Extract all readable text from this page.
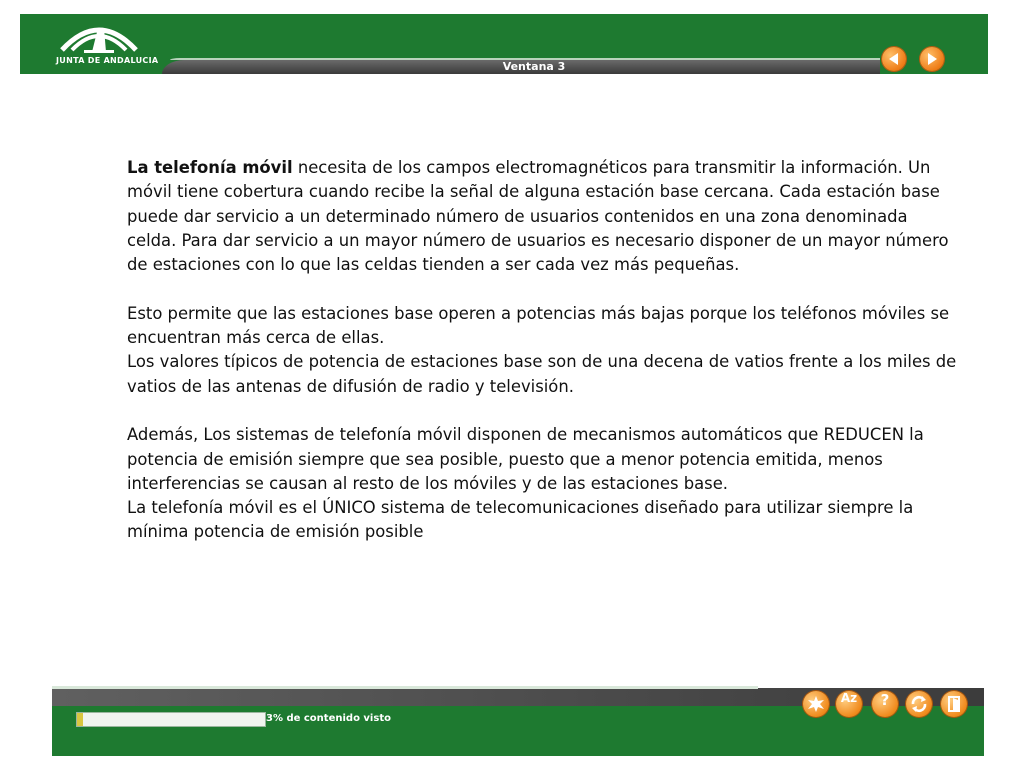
JUNTA DE ANDALUCIA	Ventana 3

La telefonía móvil necesita de los campos electromagnéticos para transmitir la información. Un móvil tiene cobertura cuando recibe la señal de alguna estación base cercana. Cada estación base puede dar servicio a un determinado número de usuarios contenidos en una zona denominada celda. Para dar servicio a un mayor número de usuarios es necesario disponer de un mayor número de estaciones con lo que las celdas tienden a ser cada vez más pequeñas.

Esto permite que las estaciones base operen a potencias más bajas porque los teléfonos móviles se encuentran más cerca de ellas.

Los valores típicos de potencia de estaciones base son de una decena de vatios frente a los miles de vatios de las antenas de difusión de radio y televisión.

Además, Los sistemas de telefonía móvil disponen de mecanismos automáticos que REDUCEN la potencia de emisión siempre que sea posible, puesto que a menor potencia emitida, menos interferencias se causan al resto de los móviles y de las estaciones base.

La telefonía móvil es el ÚNICO sistema de telecomunicaciones diseñado para utilizar siempre la mínima potencia de emisión posible

3% de contenido visto
Az	?
